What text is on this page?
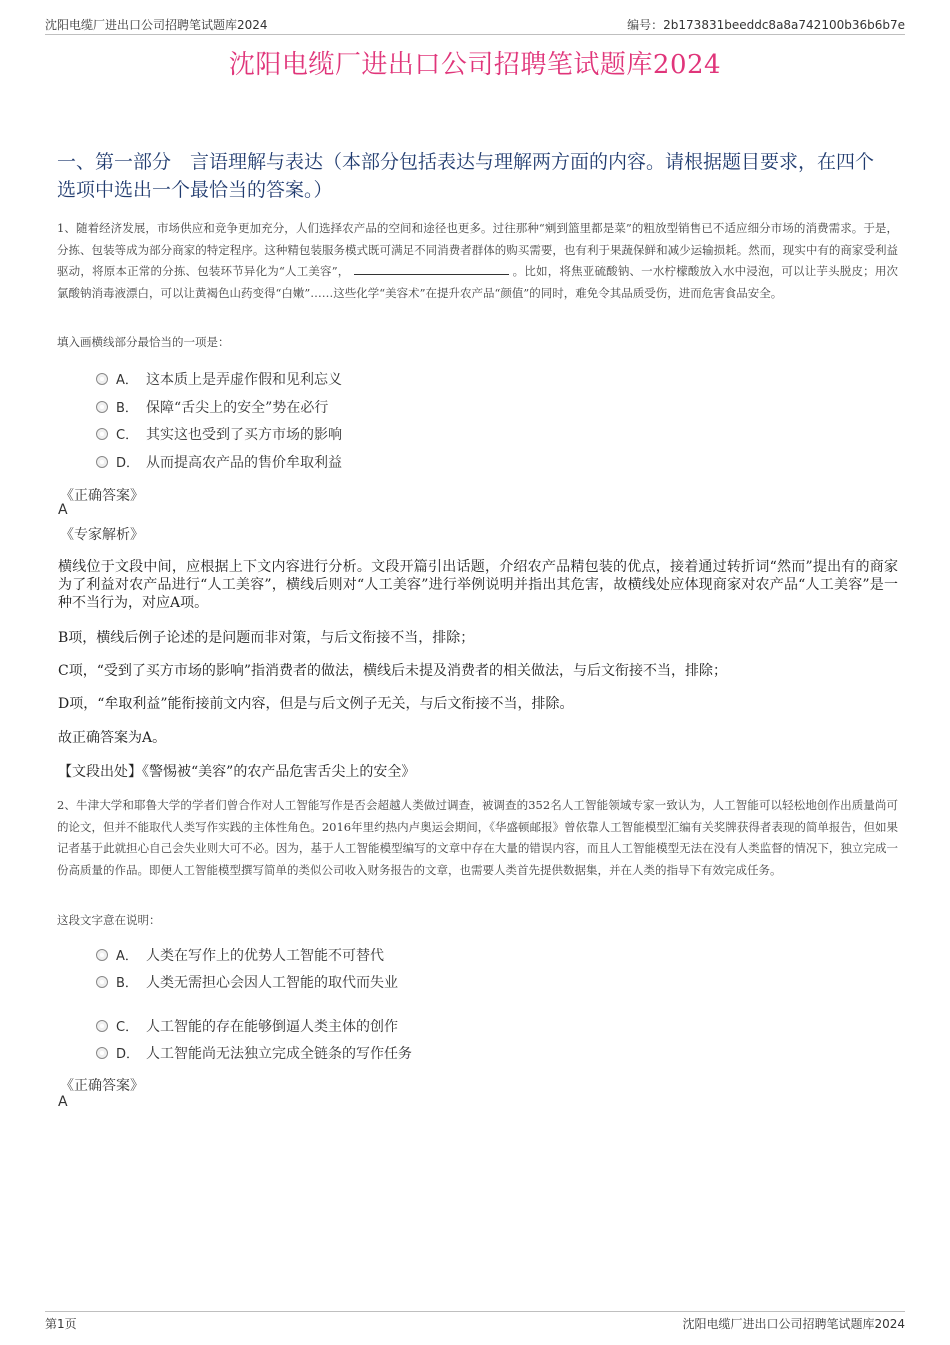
沈阳电缆厂进出口公司招聘笔试题库2024	编号：2b173831beeddc8a8a742100b36b6b7e
沈阳电缆厂进出口公司招聘笔试题库2024
一、第一部分　言语理解与表达（本部分包括表达与理解两方面的内容。请根据题目要求，在四个选项中选出一个最恰当的答案。）
1、随着经济发展，市场供应和竞争更加充分，人们选择农产品的空间和途径也更多。过往那种“剜到篮里都是菜”的粗放型销售已不适应细分市场的消费需求。于是，分拣、包装等成为部分商家的特定程序。这种精包装服务模式既可满足不同消费者群体的购买需要，也有利于果蔬保鲜和减少运输损耗。然而，现实中有的商家受利益驱动，将原本正常的分拣、包装环节异化为“人工美容”，	。比如，将焦亚硫酸钠、一水柠檬酸放入水中浸泡，可以让芋头脱皮；用次氯酸钠消毒液漂白，可以让黄褐色山药变得“白嫩”……这些化学“美容术”在提升农产品“颜值”的同时，难免令其品质受伤，进而危害食品安全。
填入画横线部分最恰当的一项是：
A． 这本质上是弄虚作假和见利忘义
B． 保障“舌尖上的安全”势在必行
C． 其实这也受到了买方市场的影响
D． 从而提高农产品的售价牟取利益
《正确答案》
A
《专家解析》
横线位于文段中间，应根据上下文内容进行分析。文段开篇引出话题，介绍农产品精包装的优点，接着通过转折词“然而”提出有的商家为了利益对农产品进行“人工美容”，横线后则对“人工美容”进行举例说明并指出其危害，故横线处应体现商家对农产品“人工美容”是一种不当行为，对应A项。
B项，横线后例子论述的是问题而非对策，与后文衔接不当，排除；
C项，“受到了买方市场的影响”指消费者的做法，横线后未提及消费者的相关做法，与后文衔接不当，排除；
D项，“牟取利益”能衔接前文内容，但是与后文例子无关，与后文衔接不当，排除。
故正确答案为A。
【文段出处】《警惕被“美容”的农产品危害舌尖上的安全》
2、牛津大学和耶鲁大学的学者们曾合作对人工智能写作是否会超越人类做过调查，被调查的352名人工智能领域专家一致认为，人工智能可以轻松地创作出质量尚可的论文，但并不能取代人类写作实践的主体性角色。2016年里约热内卢奥运会期间，《华盛顿邮报》曾依靠人工智能模型汇编有关奖牌获得者表现的简单报告，但如果记者基于此就担心自己会失业则大可不必。因为，基于人工智能模型编写的文章中存在大量的错误内容，而且人工智能模型无法在没有人类监督的情况下，独立完成一份高质量的作品。即便人工智能模型撰写简单的类似公司收入财务报告的文章，也需要人类首先提供数据集，并在人类的指导下有效完成任务。
这段文字意在说明：
A． 人类在写作上的优势人工智能不可替代
B． 人类无需担心会因人工智能的取代而失业
C． 人工智能的存在能够倒逼人类主体的创作
D． 人工智能尚无法独立完成全链条的写作任务
《正确答案》
A
第1页	沈阳电缆厂进出口公司招聘笔试题库2024
